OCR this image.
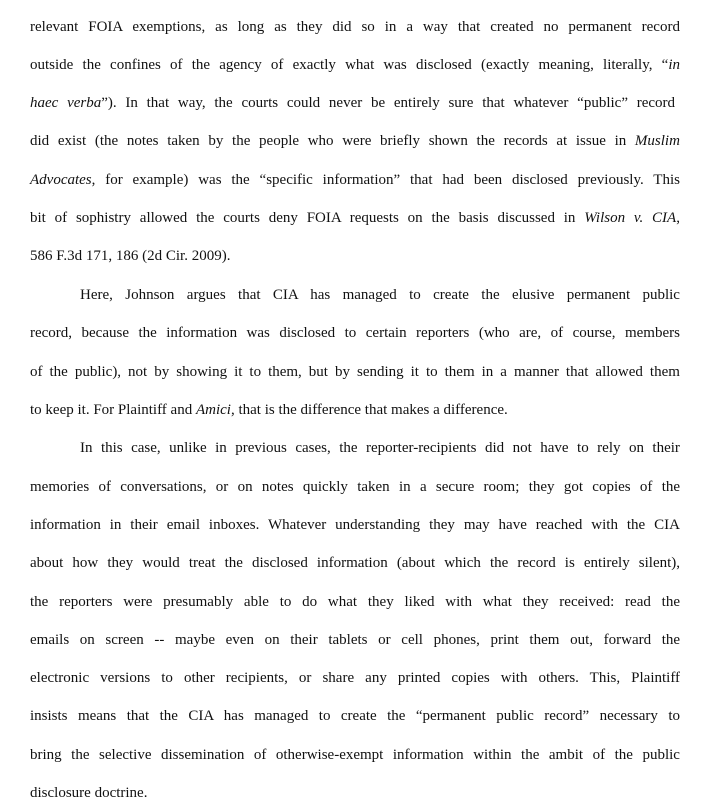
relevant FOIA exemptions, as long as they did so in a way that created no permanent record
outside the confines of the agency of exactly what was disclosed (exactly meaning, literally, “in
haec verba”). In that way, the courts could never be entirely sure that whatever “public” record
did exist (the notes taken by the people who were briefly shown the records at issue in Muslim
Advocates, for example) was the “specific information” that had been disclosed previously. This
bit of sophistry allowed the courts deny FOIA requests on the basis discussed in Wilson v. CIA,
586 F.3d 171, 186 (2d Cir. 2009).
Here, Johnson argues that CIA has managed to create the elusive permanent public
record, because the information was disclosed to certain reporters (who are, of course, members
of the public), not by showing it to them, but by sending it to them in a manner that allowed them
to keep it. For Plaintiff and Amici, that is the difference that makes a difference.
In this case, unlike in previous cases, the reporter-recipients did not have to rely on their
memories of conversations, or on notes quickly taken in a secure room; they got copies of the
information in their email inboxes. Whatever understanding they may have reached with the CIA
about how they would treat the disclosed information (about which the record is entirely silent),
the reporters were presumably able to do what they liked with what they received: read the
emails on screen -- maybe even on their tablets or cell phones, print them out, forward the
electronic versions to other recipients, or share any printed copies with others. This, Plaintiff
insists means that the CIA has managed to create the “permanent public record” necessary to
bring the selective dissemination of otherwise-exempt information within the ambit of the public
disclosure doctrine.
